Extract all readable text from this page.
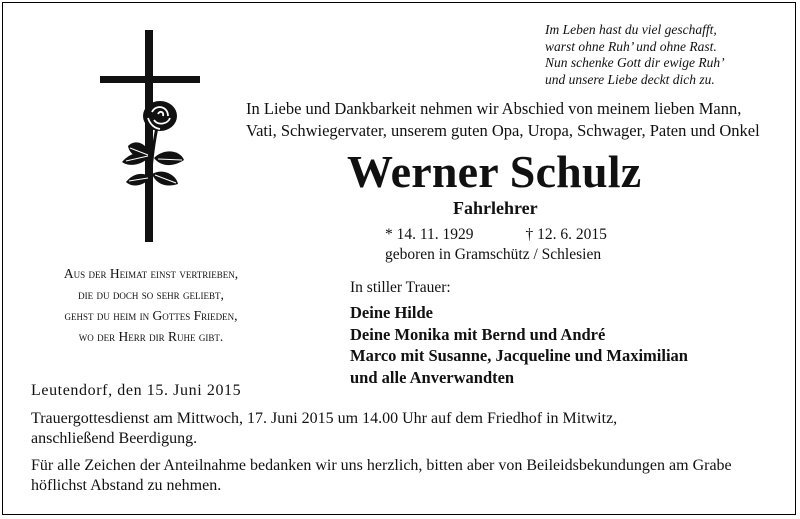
Im Leben hast du viel geschafft,
warst ohne Ruh’ und ohne Rast.
Nun schenke Gott dir ewige Ruh’
und unsere Liebe deckt dich zu.
In Liebe und Dankbarkeit nehmen wir Abschied von meinem lieben Mann,
Vati, Schwiegervater, unserem guten Opa, Uropa, Schwager, Paten und Onkel
Werner Schulz
Fahrlehrer
* 14. 11. 1929	† 12. 6. 2015
geboren in Gramschütz / Schlesien
In stiller Trauer:
Deine Hilde
Deine Monika mit Bernd und André
Marco mit Susanne, Jacqueline und Maximilian
und alle Anverwandten
Aus der Heimat einst vertrieben,
die du doch so sehr geliebt,
gehst du heim in Gottes Frieden,
wo der Herr dir Ruhe gibt.
Leutendorf, den 15. Juni 2015
Trauergottesdienst am Mittwoch, 17. Juni 2015 um 14.00 Uhr auf dem Friedhof in Mitwitz,
anschließend Beerdigung.
Für alle Zeichen der Anteilnahme bedanken wir uns herzlich, bitten aber von Beileidsbekundungen am Grabe
höflichst Abstand zu nehmen.
